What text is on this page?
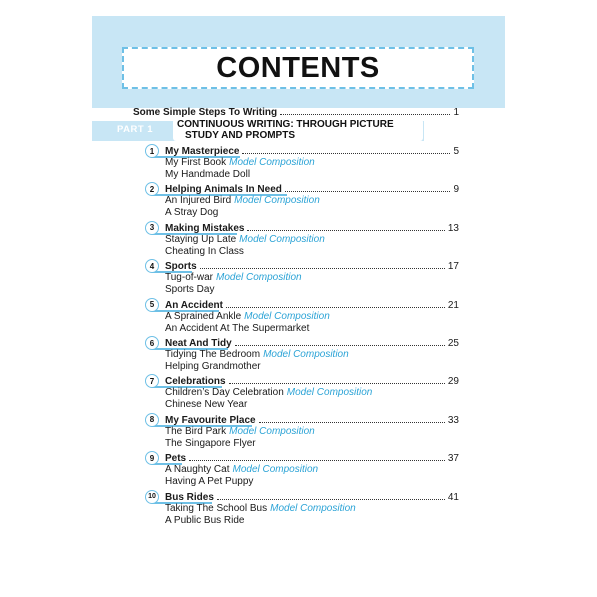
CONTENTS
Some Simple Steps To Writing	1
PART 1 CONTINUOUS WRITING: THROUGH PICTURE
STUDY AND PROMPTS
1	My Masterpiece	5
My First Book Model Composition
My Handmade Doll
2	Helping Animals In Need	9
An Injured Bird Model Composition
A Stray Dog
3	Making Mistakes	13
Staying Up Late Model Composition
Cheating In Class
4	Sports	17
Tug-of-war Model Composition
Sports Day
5	An Accident	21
A Sprained Ankle Model Composition
An Accident At The Supermarket
6	Neat And Tidy	25
Tidying The Bedroom Model Composition
Helping Grandmother
7	Celebrations	29
Children’s Day Celebration Model Composition
Chinese New Year
8	My Favourite Place	33
The Bird Park Model Composition
The Singapore Flyer
9	Pets	37
A Naughty Cat Model Composition
Having A Pet Puppy
10 Bus Rides	41
Taking The School Bus Model Composition
A Public Bus Ride
